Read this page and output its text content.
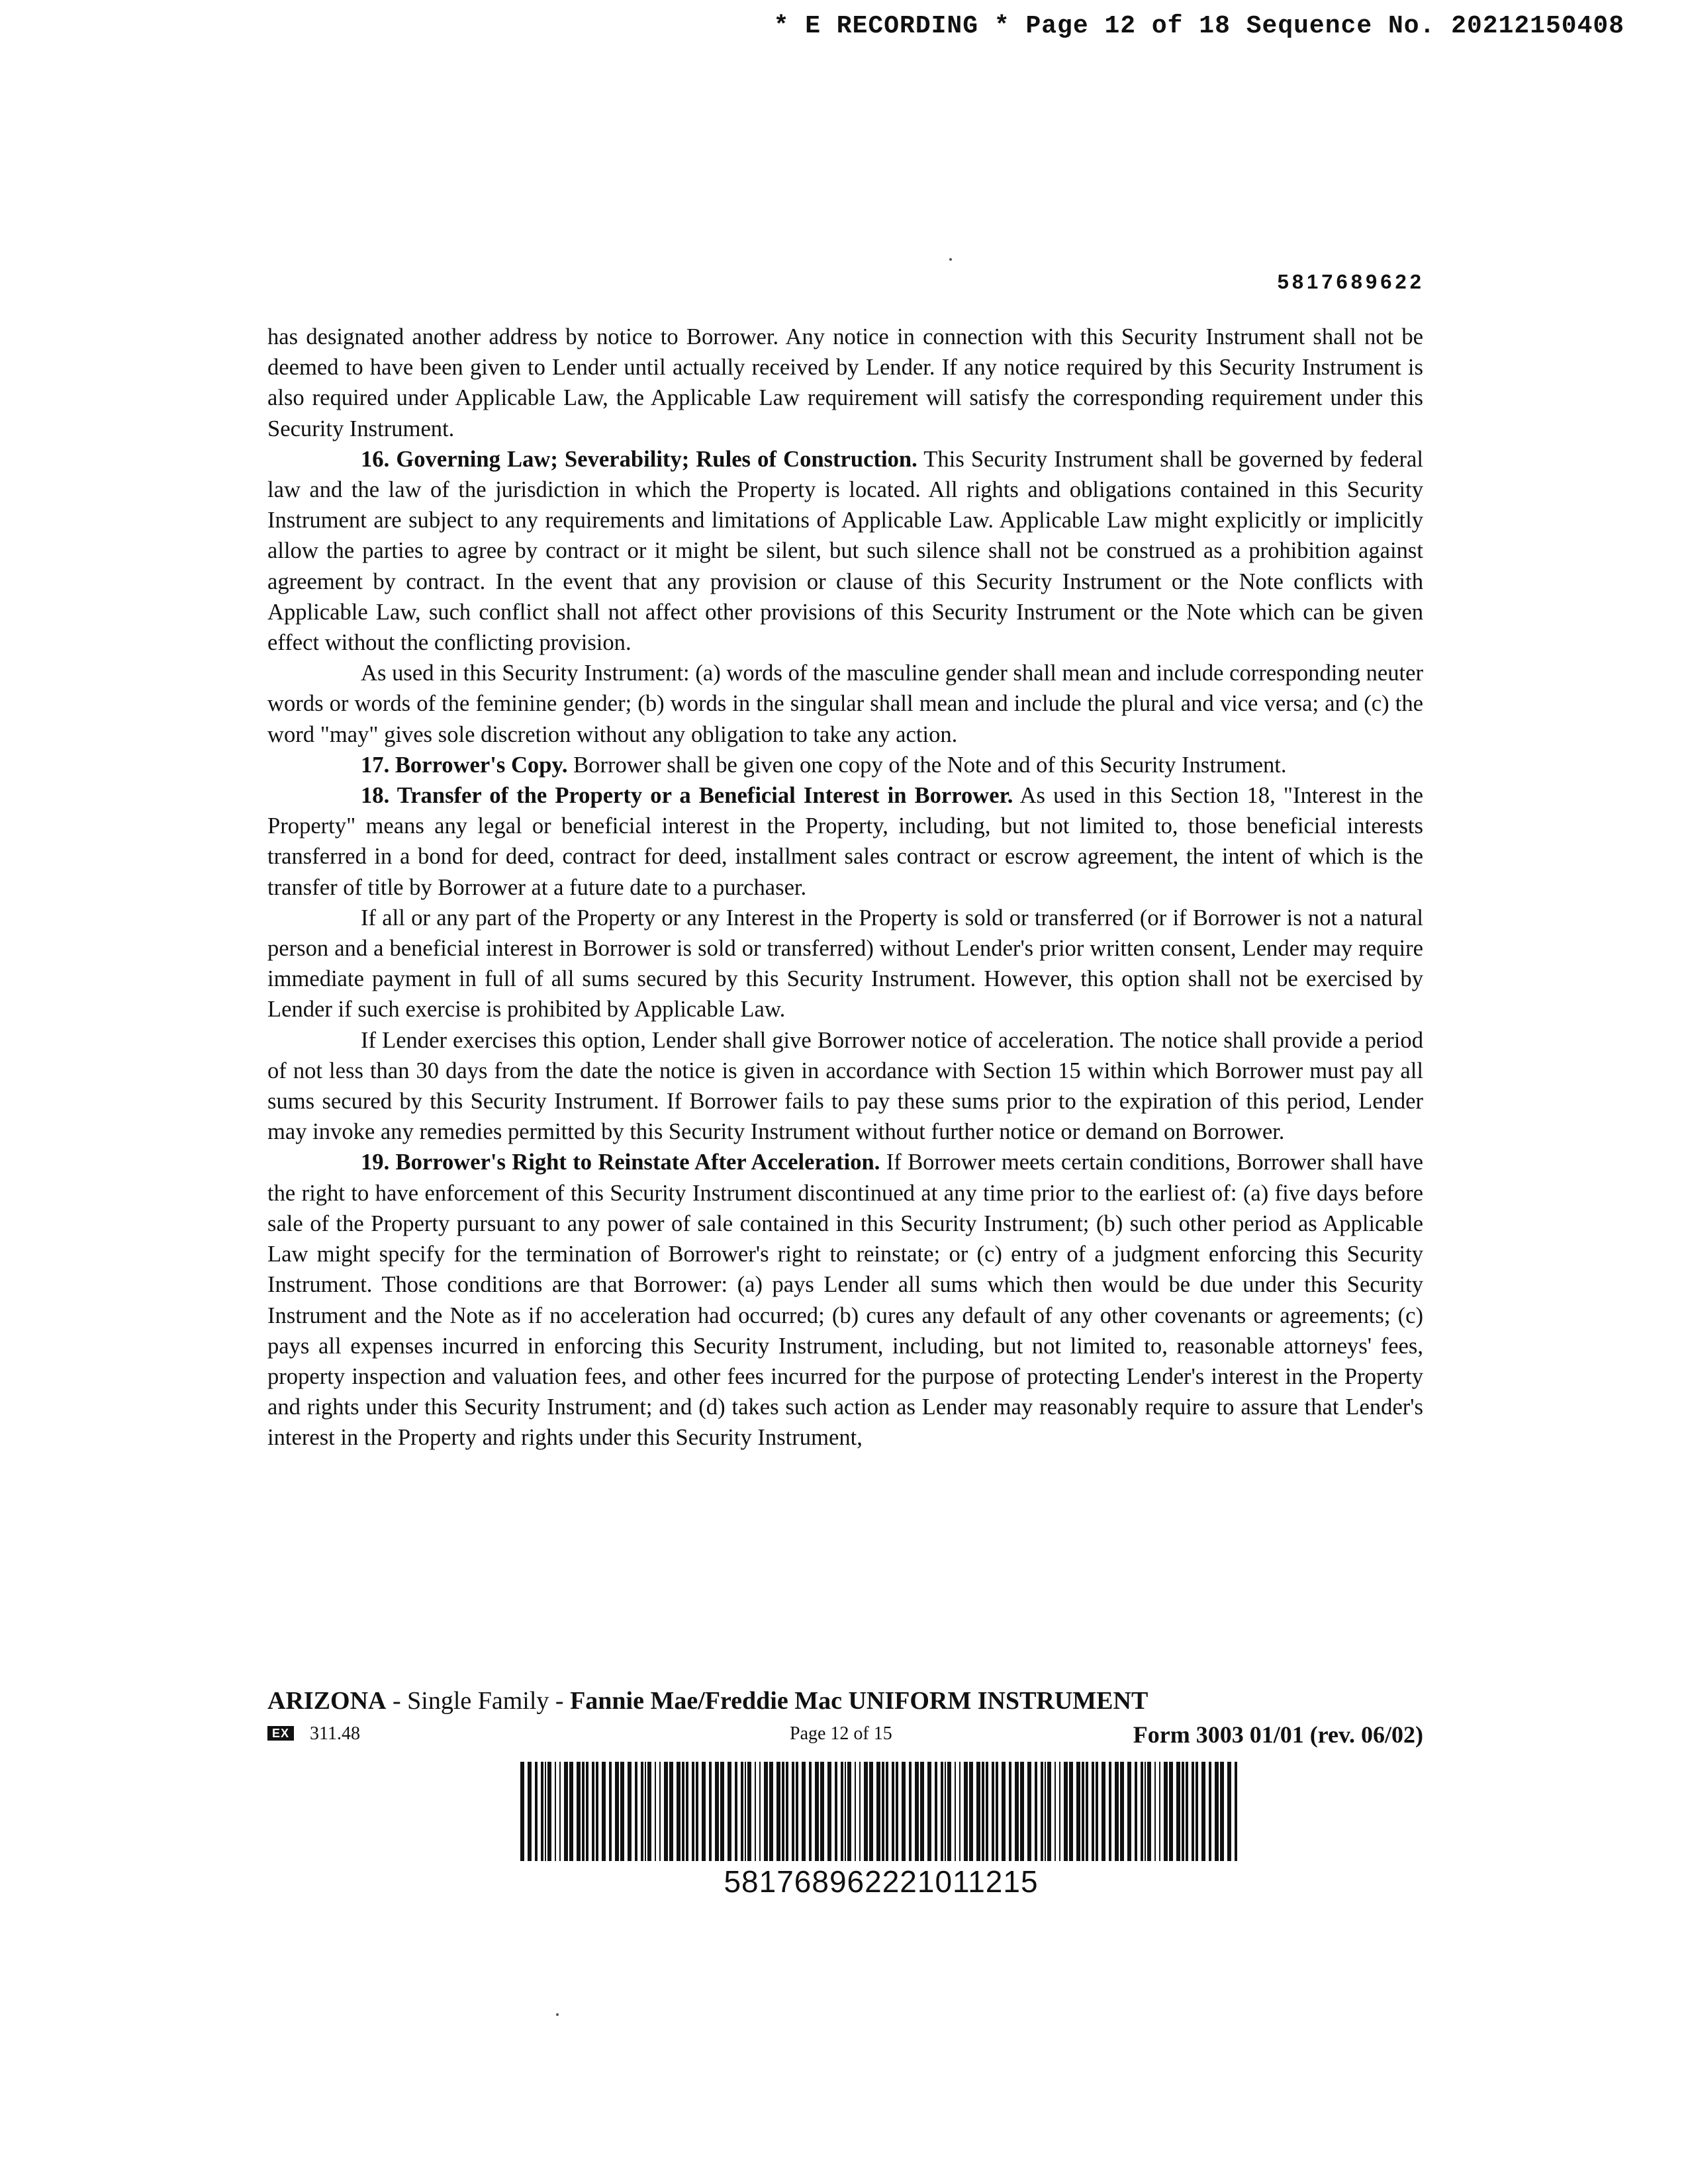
* E RECORDING * Page 12 of 18 Sequence No. 20212150408
5817689622

has designated another address by notice to Borrower. Any notice in connection with this Security Instrument shall not be deemed to have been given to Lender until actually received by Lender. If any notice required by this Security Instrument is also required under Applicable Law, the Applicable Law requirement will satisfy the corresponding requirement under this Security Instrument.

16. Governing Law; Severability; Rules of Construction. This Security Instrument shall be governed by federal law and the law of the jurisdiction in which the Property is located. All rights and obligations contained in this Security Instrument are subject to any requirements and limitations of Applicable Law. Applicable Law might explicitly or implicitly allow the parties to agree by contract or it might be silent, but such silence shall not be construed as a prohibition against agreement by contract. In the event that any provision or clause of this Security Instrument or the Note conflicts with Applicable Law, such conflict shall not affect other provisions of this Security Instrument or the Note which can be given effect without the conflicting provision.

As used in this Security Instrument: (a) words of the masculine gender shall mean and include corresponding neuter words or words of the feminine gender; (b) words in the singular shall mean and include the plural and vice versa; and (c) the word "may" gives sole discretion without any obligation to take any action.

17. Borrower's Copy. Borrower shall be given one copy of the Note and of this Security Instrument.

18. Transfer of the Property or a Beneficial Interest in Borrower. As used in this Section 18, "Interest in the Property" means any legal or beneficial interest in the Property, including, but not limited to, those beneficial interests transferred in a bond for deed, contract for deed, installment sales contract or escrow agreement, the intent of which is the transfer of title by Borrower at a future date to a purchaser.

If all or any part of the Property or any Interest in the Property is sold or transferred (or if Borrower is not a natural person and a beneficial interest in Borrower is sold or transferred) without Lender's prior written consent, Lender may require immediate payment in full of all sums secured by this Security Instrument. However, this option shall not be exercised by Lender if such exercise is prohibited by Applicable Law.

If Lender exercises this option, Lender shall give Borrower notice of acceleration. The notice shall provide a period of not less than 30 days from the date the notice is given in accordance with Section 15 within which Borrower must pay all sums secured by this Security Instrument. If Borrower fails to pay these sums prior to the expiration of this period, Lender may invoke any remedies permitted by this Security Instrument without further notice or demand on Borrower.

19. Borrower's Right to Reinstate After Acceleration. If Borrower meets certain conditions, Borrower shall have the right to have enforcement of this Security Instrument discontinued at any time prior to the earliest of: (a) five days before sale of the Property pursuant to any power of sale contained in this Security Instrument; (b) such other period as Applicable Law might specify for the termination of Borrower's right to reinstate; or (c) entry of a judgment enforcing this Security Instrument. Those conditions are that Borrower: (a) pays Lender all sums which then would be due under this Security Instrument and the Note as if no acceleration had occurred; (b) cures any default of any other covenants or agreements; (c) pays all expenses incurred in enforcing this Security Instrument, including, but not limited to, reasonable attorneys' fees, property inspection and valuation fees, and other fees incurred for the purpose of protecting Lender's interest in the Property and rights under this Security Instrument; and (d) takes such action as Lender may reasonably require to assure that Lender's interest in the Property and rights under this Security Instrument,

ARIZONA - Single Family - Fannie Mae/Freddie Mac UNIFORM INSTRUMENT
EX 311.48	Page 12 of 15	Form 3003 01/01 (rev. 06/02)
581768962221011215
